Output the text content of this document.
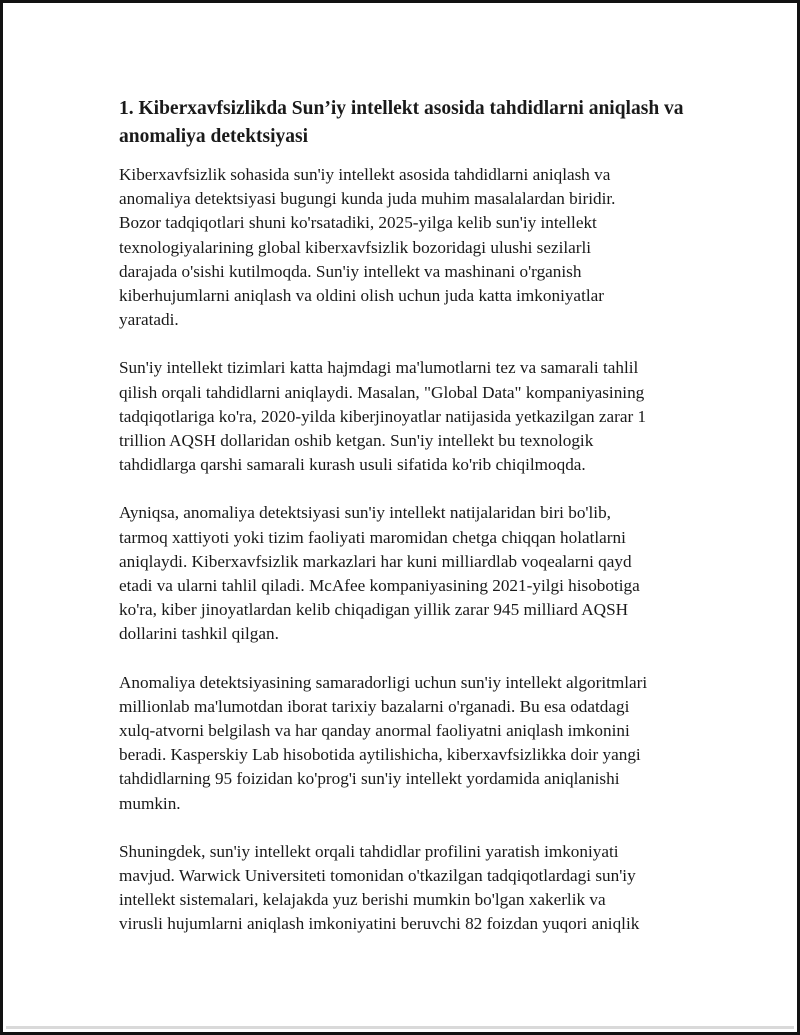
1. Kiberxavfsizlikda Sun’iy intellekt asosida tahdidlarni aniqlash va anomaliya detektsiyasi

Kiberxavfsizlik sohasida sun'iy intellekt asosida tahdidlarni aniqlash va
anomaliya detektsiyasi bugungi kunda juda muhim masalalardan biridir.
Bozor tadqiqotlari shuni ko'rsatadiki, 2025-yilga kelib sun'iy intellekt
texnologiyalarining global kiberxavfsizlik bozoridagi ulushi sezilarli
darajada o'sishi kutilmoqda. Sun'iy intellekt va mashinani o'rganish
kiberhujumlarni aniqlash va oldini olish uchun juda katta imkoniyatlar
yaratadi.

Sun'iy intellekt tizimlari katta hajmdagi ma'lumotlarni tez va samarali tahlil
qilish orqali tahdidlarni aniqlaydi. Masalan, "Global Data" kompaniyasining
tadqiqotlariga ko'ra, 2020-yilda kiberjinoyatlar natijasida yetkazilgan zarar 1
trillion AQSH dollaridan oshib ketgan. Sun'iy intellekt bu texnologik
tahdidlarga qarshi samarali kurash usuli sifatida ko'rib chiqilmoqda.

Ayniqsa, anomaliya detektsiyasi sun'iy intellekt natijalaridan biri bo'lib,
tarmoq xattiyoti yoki tizim faoliyati maromidan chetga chiqqan holatlarni
aniqlaydi. Kiberxavfsizlik markazlari har kuni milliardlab voqealarni qayd
etadi va ularni tahlil qiladi. McAfee kompaniyasining 2021-yilgi hisobotiga
ko'ra, kiber jinoyatlardan kelib chiqadigan yillik zarar 945 milliard AQSH
dollarini tashkil qilgan.

Anomaliya detektsiyasining samaradorligi uchun sun'iy intellekt algoritmlari
millionlab ma'lumotdan iborat tarixiy bazalarni o'rganadi. Bu esa odatdagi
xulq-atvorni belgilash va har qanday anormal faoliyatni aniqlash imkonini
beradi. Kasperskiy Lab hisobotida aytilishicha, kiberxavfsizlikka doir yangi
tahdidlarning 95 foizidan ko'prog'i sun'iy intellekt yordamida aniqlanishi
mumkin.

Shuningdek, sun'iy intellekt orqali tahdidlar profilini yaratish imkoniyati
mavjud. Warwick Universiteti tomonidan o'tkazilgan tadqiqotlardagi sun'iy
intellekt sistemalari, kelajakda yuz berishi mumkin bo'lgan xakerlik va
virusli hujumlarni aniqlash imkoniyatini beruvchi 82 foizdan yuqori aniqlik
